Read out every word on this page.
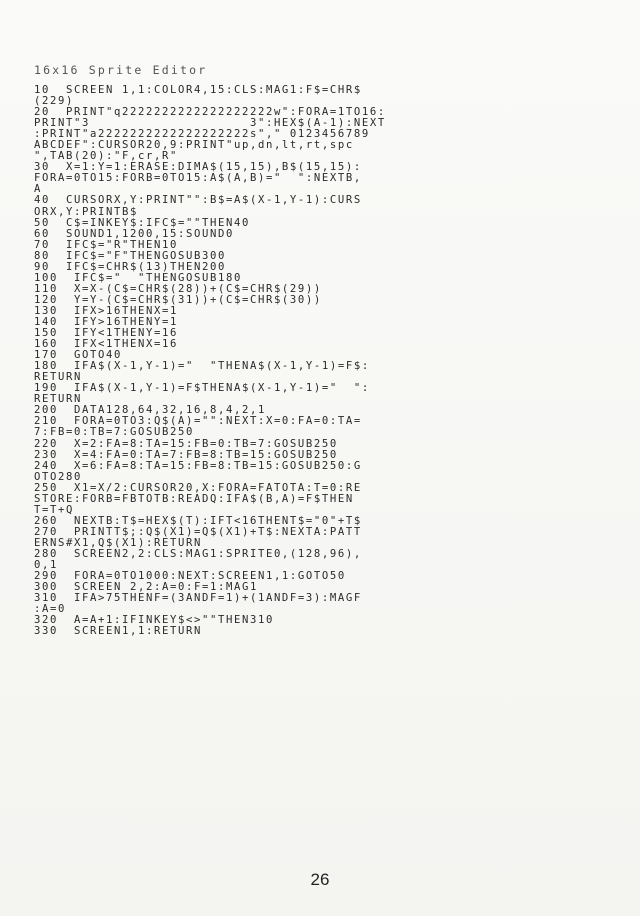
16x16 Sprite Editor
10  SCREEN 1,1:COLOR4,15:CLS:MAG1:F$=CHR$
(229)
20  PRINT"q2222222222222222222w":FORA=1TO16:
PRINT"3                    3":HEX$(A-1):NEXT
:PRINT"a2222222222222222222s"," 0123456789
ABCDEF":CURSOR20,9:PRINT"up,dn,lt,rt,spc
",TAB(20):"F,cr,R"
30  X=1:Y=1:ERASE:DIMA$(15,15),B$(15,15):
FORA=0TO15:FORB=0TO15:A$(A,B)="  ":NEXTB,
A
40  CURSORX,Y:PRINT"":B$=A$(X-1,Y-1):CURS
ORX,Y:PRINTB$
50  C$=INKEY$:IFC$=""THEN40
60  SOUND1,1200,15:SOUND0
70  IFC$="R"THEN10
80  IFC$="F"THENGOSUB300
90  IFC$=CHR$(13)THEN200
100  IFC$="  "THENGOSUB180
110  X=X-(C$=CHR$(28))+(C$=CHR$(29))
120  Y=Y-(C$=CHR$(31))+(C$=CHR$(30))
130  IFX>16THENX=1
140  IFY>16THENY=1
150  IFY<1THENY=16
160  IFX<1THENX=16
170  GOTO40
180  IFA$(X-1,Y-1)="  "THENA$(X-1,Y-1)=F$:
RETURN
190  IFA$(X-1,Y-1)=F$THENA$(X-1,Y-1)="  ":
RETURN
200  DATA128,64,32,16,8,4,2,1
210  FORA=0TO3:Q$(A)="":NEXT:X=0:FA=0:TA=
7:FB=0:TB=7:GOSUB250
220  X=2:FA=8:TA=15:FB=0:TB=7:GOSUB250
230  X=4:FA=0:TA=7:FB=8:TB=15:GOSUB250
240  X=6:FA=8:TA=15:FB=8:TB=15:GOSUB250:G
OTO280
250  X1=X/2:CURSOR20,X:FORA=FATOTA:T=0:RE
STORE:FORB=FBTOTB:READQ:IFA$(B,A)=F$THEN
T=T+Q
260  NEXTB:T$=HEX$(T):IFT<16THENT$="0"+T$
270  PRINTT$;:Q$(X1)=Q$(X1)+T$:NEXTA:PATT
ERNS#X1,Q$(X1):RETURN
280  SCREEN2,2:CLS:MAG1:SPRITE0,(128,96),
0,1
290  FORA=0TO1000:NEXT:SCREEN1,1:GOTO50
300  SCREEN 2,2:A=0:F=1:MAG1
310  IFA>75THENF=(3ANDF=1)+(1ANDF=3):MAGF
:A=0
320  A=A+1:IFINKEY$<>""THEN310
330  SCREEN1,1:RETURN
26
